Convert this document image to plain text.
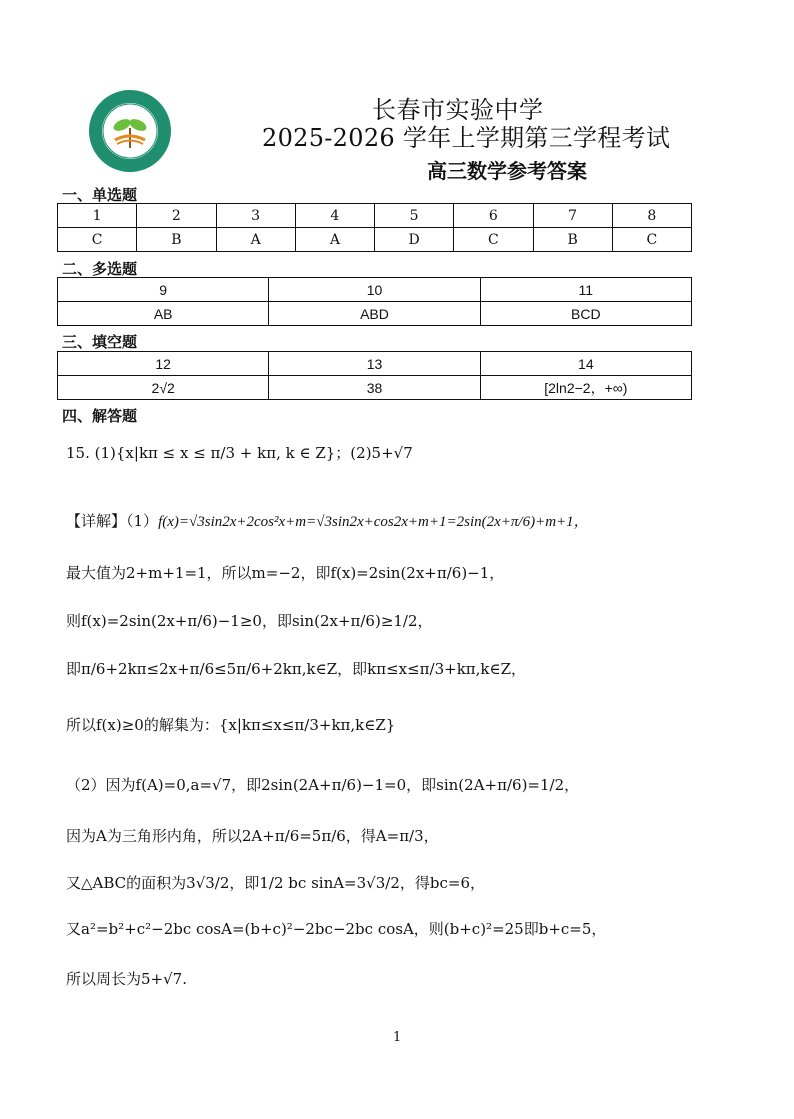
长春市实验中学
2025-2026 学年上学期第三学程考试
高三数学参考答案
一、单选题
1	2	3	4	5	6	7	8
C	B	A	A	D	C	B	C
二、多选题
9	10	11
AB	ABD	BCD
三、填空题
12	13	14
2√2	38	[2ln2−2，+∞)
四、解答题
15. (1){x|kπ ≤ x ≤ π/3 + kπ, k ∈ Z}；(2)5+√7
【详解】（1）f(x)=√3sin2x+2cos²x+m=√3sin2x+cos2x+m+1=2sin(2x+π/6)+m+1，
最大值为2+m+1=1，所以m=−2，即f(x)=2sin(2x+π/6)−1，
则f(x)=2sin(2x+π/6)−1≥0，即sin(2x+π/6)≥1/2，
即π/6+2kπ≤2x+π/6≤5π/6+2kπ,k∈Z，即kπ≤x≤π/3+kπ,k∈Z，
所以f(x)≥0的解集为：{x|kπ≤x≤π/3+kπ,k∈Z}
（2）因为f(A)=0,a=√7，即2sin(2A+π/6)−1=0，即sin(2A+π/6)=1/2，
因为A为三角形内角，所以2A+π/6=5π/6，得A=π/3，
又△ABC的面积为3√3/2，即1/2 bc sinA=3√3/2，得bc=6，
又a²=b²+c²−2bc cosA=(b+c)²−2bc−2bc cosA，则(b+c)²=25即b+c=5，
所以周长为5+√7.
1
